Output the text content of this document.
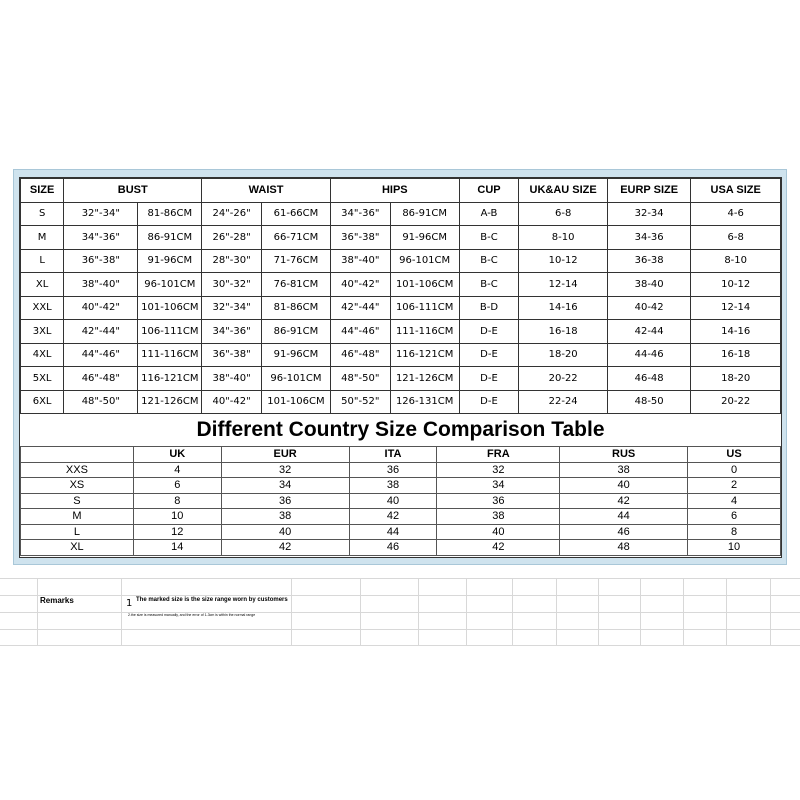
SIZE	BUST		WAIST		HIPS		CUP	UK&AU SIZE	EURP SIZE	USA SIZE
S	32"-34"	81-86CM	24"-26"	61-66CM	34"-36"	86-91CM	A-B	6-8	32-34	4-6
M	34"-36"	86-91CM	26"-28"	66-71CM	36"-38"	91-96CM	B-C	8-10	34-36	6-8
L	36"-38"	91-96CM	28"-30"	71-76CM	38"-40"	96-101CM	B-C	10-12	36-38	8-10
XL	38"-40"	96-101CM	30"-32"	76-81CM	40"-42"	101-106CM	B-C	12-14	38-40	10-12
XXL	40"-42"	101-106CM	32"-34"	81-86CM	42"-44"	106-111CM	B-D	14-16	40-42	12-14
3XL	42"-44"	106-111CM	34"-36"	86-91CM	44"-46"	111-116CM	D-E	16-18	42-44	14-16
4XL	44"-46"	111-116CM	36"-38"	91-96CM	46"-48"	116-121CM	D-E	18-20	44-46	16-18
5XL	46"-48"	116-121CM	38"-40"	96-101CM	48"-50"	121-126CM	D-E	20-22	46-48	18-20
6XL	48"-50"	121-126CM	40"-42"	101-106CM	50"-52"	126-131CM	D-E	22-24	48-50	20-22
Different Country Size Comparison Table
	UK	EUR	ITA	FRA	RUS	US
XXS	4	32	36	32	38	0
XS	6	34	38	34	40	2
S	8	36	40	36	42	4
M	10	38	42	38	44	6
L	12	40	44	40	46	8
XL	14	42	46	42	48	10
Remarks	1 The marked size is the size range worn by customers
2.the size is measured manually, and the error of 1-3cm is within the normal range
